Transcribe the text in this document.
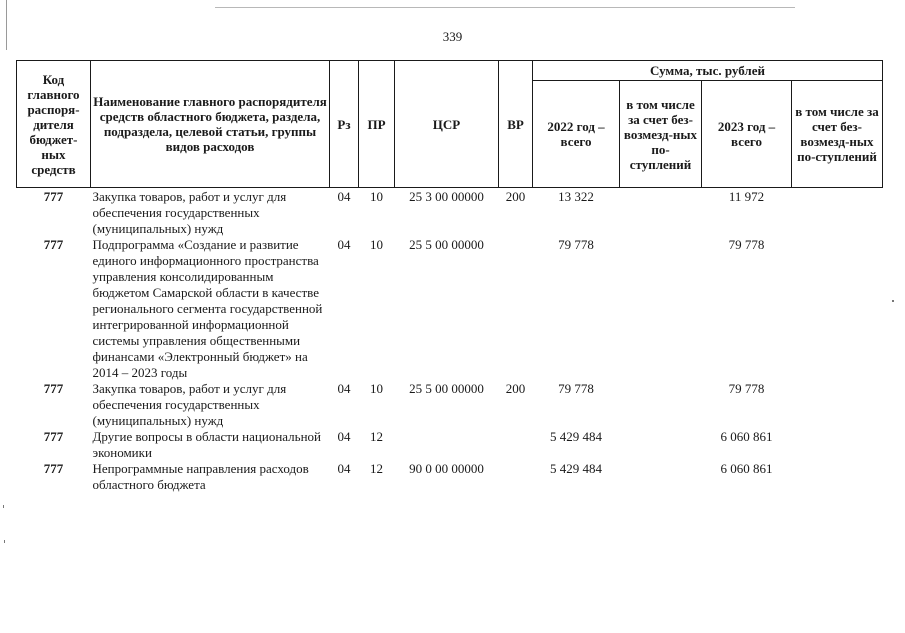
339
Код главного распоря-дителя бюджет-ных средств	Наименование главного распорядителя средств областного бюджета, раздела, подраздела, целевой статьи, группы видов расходов	Рз	ПР	ЦСР	ВР	Сумма, тыс. рублей			
						2022 год – всего	в том числе за счет без-возмезд-ных по-ступлений	2023 год – всего	в том числе за счет без-возмезд-ных по-ступлений
777	Закупка товаров, работ и услуг для обеспечения государственных (муниципальных) нужд	04	10	25 3 00 00000	200	13 322		11 972	
777	Подпрограмма «Создание и развитие единого информационного пространства управления консолидированным бюджетом Самарской области в качестве регионального сегмента государственной интегрированной информационной системы управления общественными финансами «Электронный бюджет» на 2014 – 2023 годы	04	10	25 5 00 00000		79 778		79 778	
777	Закупка товаров, работ и услуг для обеспечения государственных (муниципальных) нужд	04	10	25 5 00 00000	200	79 778		79 778	
777	Другие вопросы в области национальной экономики	04	12			5 429 484		6 060 861	
777	Непрограммные направления расходов областного бюджета	04	12	90 0 00 00000		5 429 484		6 060 861	
